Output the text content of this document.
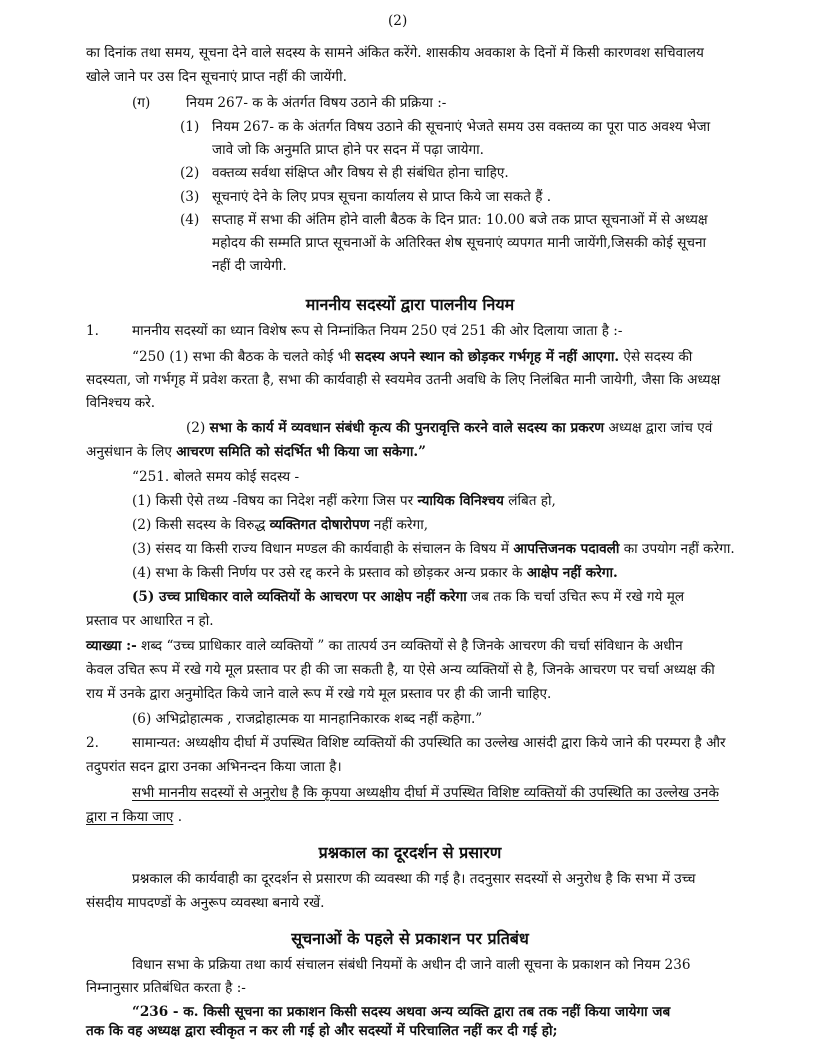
(2)
का दिनांक तथा समय, सूचना देने वाले सदस्य के सामने अंकित करेंगे. शासकीय अवकाश के दिनों में किसी कारणवश सचिवालय
खोले जाने पर उस दिन सूचनाएं प्राप्त नहीं की जायेंगी.
(ग)	नियम 267- क के अंतर्गत विषय उठाने की प्रक्रिया :-
(1) नियम 267- क के अंतर्गत विषय उठाने की सूचनाएं भेजते समय उस वक्तव्य का पूरा पाठ अवश्य भेजा
जावे जो कि अनुमति प्राप्त होने पर सदन में पढ़ा जायेगा.
(2) वक्तव्य सर्वथा संक्षिप्त और विषय से ही संबंधित होना चाहिए.
(3) सूचनाएं देने के लिए प्रपत्र सूचना कार्यालय से प्राप्त किये जा सकते हैं .
(4) सप्ताह में सभा की अंतिम होने वाली बैठक के दिन प्रात: 10.00 बजे तक प्राप्त सूचनाओं में से अध्यक्ष
महोदय की सम्मति प्राप्त सूचनाओं के अतिरिक्त शेष सूचनाएं व्यपगत मानी जायेंगी,जिसकी कोई सूचना
नहीं दी जायेगी.
माननीय सदस्यों द्वारा पालनीय नियम
1. माननीय सदस्यों का ध्यान विशेष रूप से निम्नांकित नियम 250 एवं 251 की ओर दिलाया जाता है :-
“250 (1) सभा की बैठक के चलते कोई भी सदस्य अपने स्थान को छोड़कर गर्भगृह में नहीं आएगा. ऐसे सदस्य की
सदस्यता, जो गर्भगृह में प्रवेश करता है, सभा की कार्यवाही से स्वयमेव उतनी अवधि के लिए निलंबित मानी जायेगी, जैसा कि अध्यक्ष
विनिश्चय करे.
(2) सभा के कार्य में व्यवधान संबंधी कृत्य की पुनरावृत्ति करने वाले सदस्य का प्रकरण अध्यक्ष द्वारा जांच एवं
अनुसंधान के लिए आचरण समिति को संदर्भित भी किया जा सकेगा.”
“251. बोलते समय कोई सदस्य -
(1) किसी ऐसे तथ्य -विषय का निदेश नहीं करेगा जिस पर न्यायिक विनिश्चय लंबित हो,
(2) किसी सदस्य के विरुद्ध व्यक्तिगत दोषारोपण नहीं करेगा,
(3) संसद या किसी राज्य विधान मण्डल की कार्यवाही के संचालन के विषय में आपत्तिजनक पदावली का उपयोग नहीं करेगा.
(4) सभा के किसी निर्णय पर उसे रद्द करने के प्रस्ताव को छोड़कर अन्य प्रकार के आक्षेप नहीं करेगा.
(5) उच्च प्राधिकार वाले व्यक्तियों के आचरण पर आक्षेप नहीं करेगा जब तक कि चर्चा उचित रूप में रखे गये मूल
प्रस्ताव पर आधारित न हो.
व्याख्या :- शब्द “उच्च प्राधिकार वाले व्यक्तियों ” का तात्पर्य उन व्यक्तियों से है जिनके आचरण की चर्चा संविधान के अधीन
केवल उचित रूप में रखे गये मूल प्रस्ताव पर ही की जा सकती है, या ऐसे अन्य व्यक्तियों से है, जिनके आचरण पर चर्चा अध्यक्ष की
राय में उनके द्वारा अनुमोदित किये जाने वाले रूप में रखे गये मूल प्रस्ताव पर ही की जानी चाहिए.
(6) अभिद्रोहात्मक , राजद्रोहात्मक या मानहानिकारक शब्द नहीं कहेगा.”
2. सामान्यत: अध्यक्षीय दीर्घा में उपस्थित विशिष्ट व्यक्तियों की उपस्थिति का उल्लेख आसंदी द्वारा किये जाने की परम्परा है और
तदुपरांत सदन द्वारा उनका अभिनन्दन किया जाता है।
सभी माननीय सदस्यों से अनुरोध है कि कृपया अध्यक्षीय दीर्घा में उपस्थित विशिष्ट व्यक्तियों की उपस्थिति का उल्लेख उनके
द्वारा न किया जाए .
प्रश्नकाल का दूरदर्शन से प्रसारण
प्रश्नकाल की कार्यवाही का दूरदर्शन से प्रसारण की व्यवस्था की गई है। तदनुसार सदस्यों से अनुरोध है कि सभा में उच्च
संसदीय मापदण्डों के अनुरूप व्यवस्था बनाये रखें.
सूचनाओं के पहले से प्रकाशन पर प्रतिबंध
विधान सभा के प्रक्रिया तथा कार्य संचालन संबंधी नियमों के अधीन दी जाने वाली सूचना के प्रकाशन को नियम 236
निम्नानुसार प्रतिबंधित करता है :-
“236 - क. किसी सूचना का प्रकाशन किसी सदस्य अथवा अन्य व्यक्ति द्वारा तब तक नहीं किया जायेगा जब
तक कि वह अध्यक्ष द्वारा स्वीकृत न कर ली गई हो और सदस्यों में परिचालित नहीं कर दी गई हो;
